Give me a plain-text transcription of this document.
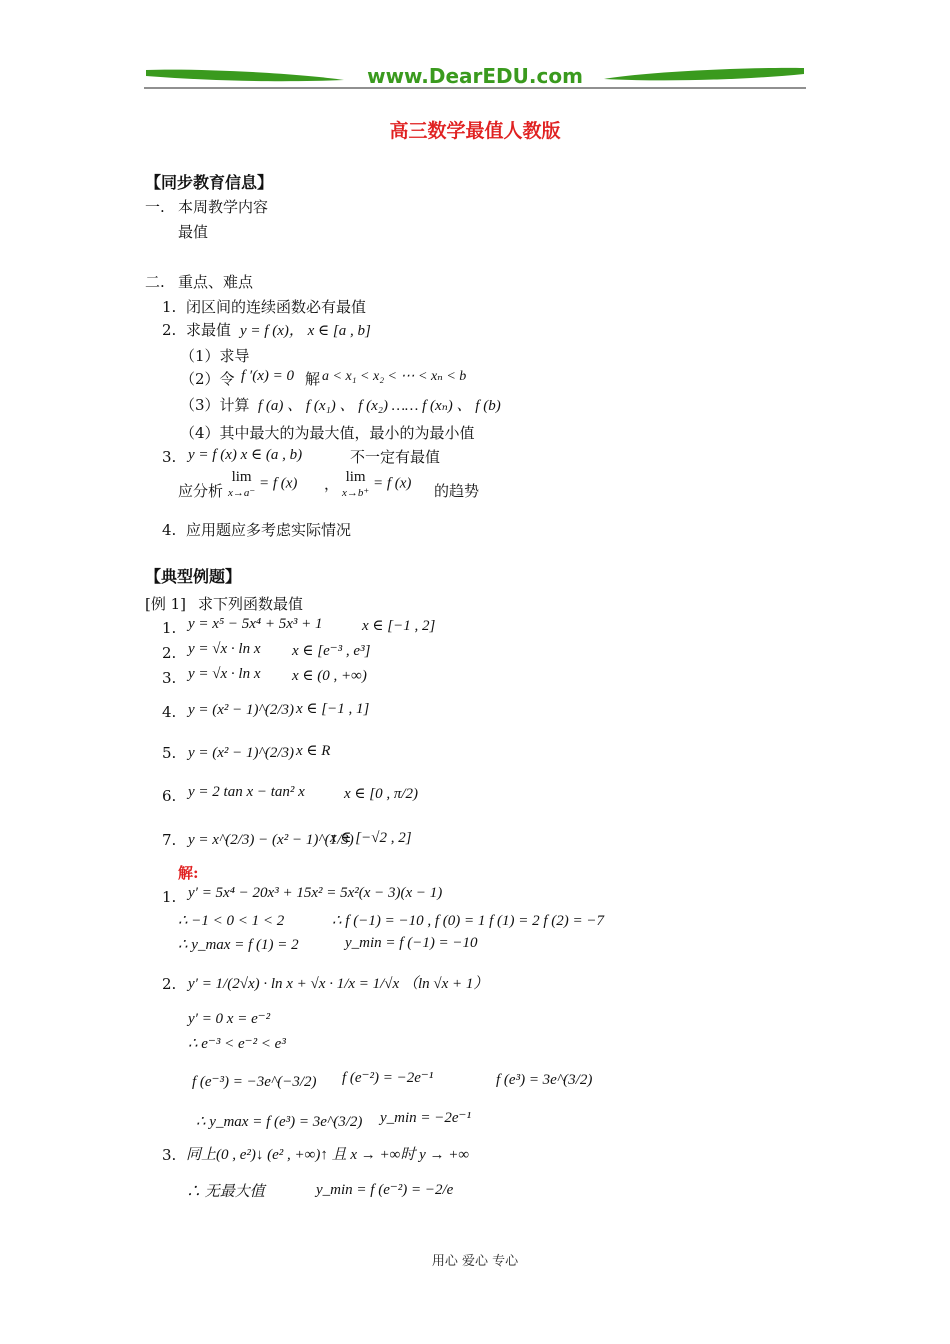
www.DearEDU.com
高三数学最值人教版
【同步教育信息】
一. 本周教学内容
最值
二. 重点、难点
1. 闭区间的连续函数必有最值
2. 求最值 y = f (x)， x ∈ [a , b]
（1）求导
（2）令 f ′(x) = 0 解 a < x₁ < x₂ < ⋯ < xₙ < b
（3）计算 f (a) 、 f (x₁) 、 f (x₂) …… f (xₙ) 、 f (b)
（4）其中最大的为最大值，最小的为最小值
3. y = f (x) x ∈ (a , b)	不一定有最值
应分析
lim
x→a⁻
= f (x) ， lim
x→b⁺
= f (x) 的趋势
4. 应用题应多考虑实际情况
【典型例题】
[例 1] 求下列函数最值
1. y = x⁵ − 5x⁴ + 5x³ + 1	x ∈ [−1 , 2]
2. y = √x · ln x x ∈ [e⁻³ , e³]
3. y = √x · ln x x ∈ (0 , +∞)
4. y = (x² − 1)^(2/3) x ∈ [−1 , 1]
5. y = (x² − 1)^(2/3) x ∈ R
6. y = 2 tan x − tan² x	x ∈ [0 , π/2)
7. y = x^(2/3) − (x² − 1)^(1/3)
x ∈ [−√2 , 2]
解:
1. y′ = 5x⁴ − 20x³ + 15x² = 5x²(x − 3)(x − 1)
∴ −1 < 0 < 1 < 2	∴ f (−1) = −10 , f (0) = 1 f (1) = 2 f (2) = −7
∴ y_max = f (1) = 2	y_min = f (−1) = −10
2. y′ = 1/(2√x) · ln x + √x · 1/x = 1/√x （ln √x + 1）
y′ = 0 x = e⁻²
∴ e⁻³ < e⁻² < e³
f (e⁻³) = −3e^(−3/2) f (e⁻²) = −2e⁻¹	f (e³) = 3e^(3/2)
∴ y_max = f (e³) = 3e^(3/2) y_min = −2e⁻¹
3. 同上(0 , e²)↓ (e² , +∞)↑ 且 x → +∞时 y → +∞
∴ 无最大值	y_min = f (e⁻²) = −2/e
用心 爱心 专心
